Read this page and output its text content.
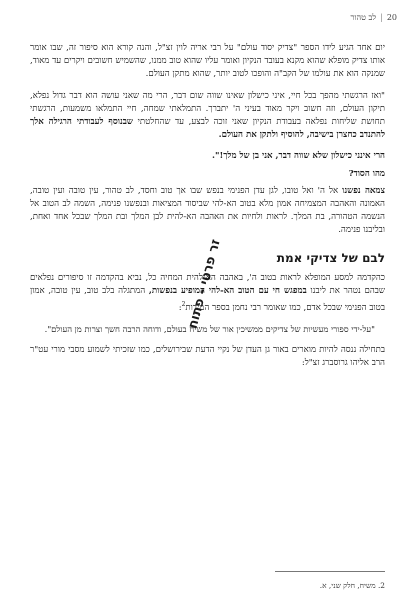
20
|
לב טהור

יום אחד הגיע לידו הספר "צדיק יסוד עולם" על רבי אריה לוין זצ"ל, והנה קורא הוא סיפור זה, שבו אומר אותו צדיק מופלא שהוא מקנא בעובד הנקיון ואומר עליו שהוא טוב ממנו, שהשמיש חשובים ויקרים עד מאוד, שמנקה הוא את עולמו של הקב"ה והופכו לטוב יותר, שהוא מתקן העולם.

"ואז הרגשתי מהפך בכל חיי, איני כישלון שאינו שווה שום דבר, הרי מה שאני עושה הוא דבר גדול נפלא, תיקון העולם, וזה חשוב ויקר מאוד בעיני ה' יתברך. התמלאתי שמחה, חיי התמלאו משמעות, הרגשתי תחושת שליחות נפלאה בעבודת הנקיון שאני זוכה לבצע, עד שהחלטתי שבנוסף לעבודתי הרגילה אלך להתנדב כחצרן בישיבה, להוסיף ולתקן את העולם.

הרי אינני כישלון שלא שווה דבר, אני בן של מלך!".

מהו הסוד?

צמאה נפשנו אל ה' ואל טובו, לגן עדן הפנימי בנפש שבו אך טוב וחסד, לב טהור, עין טובה ועין טובה, האמונה והאהבה המצמיחה אמון מלא בטוב הא-להי שביסוד המציאות ובנפשנו פנימה, השמה לב הטוב אל הנשמה הטהורה, בת המלך. לראות ולחיות את האהבה הא-להית לבן המלך ובת המלך שבכל אחד ואחת, ובליבנו פנימה.

לבם של צדיקי אמת

כהקדמה למסע המופלא לראות בטוב ה', באהבה הא-להית המחיה כל, נביא בהקדמה זו סיפורים נפלאים שבהם נטהר את ליבנו במפגש חי עם הטוב הא-להי המופיע בנפשות, המתגלה בלב טוב, עין טובה, אמון בטוב הפנימי שבכל אדם, כמו שאומר רבי נחמן בספר המידות$^2$:

"על-ידי ספורי מעשיות של צדיקים ממשיכין אור של משיח בעולם, ודוחה הרבה חשך וצרות מן העולם".

בתחילה ננסה להיות מוארים באור גן העדן של נקיי הדעת שבירושלים, כמו שזכיתי לשמוע מסבי מורי עט"ר הרב אליהו גרוסברג זצ"ל:

זר פרטי - פתוח
2. משיח, חלק שני, א.
